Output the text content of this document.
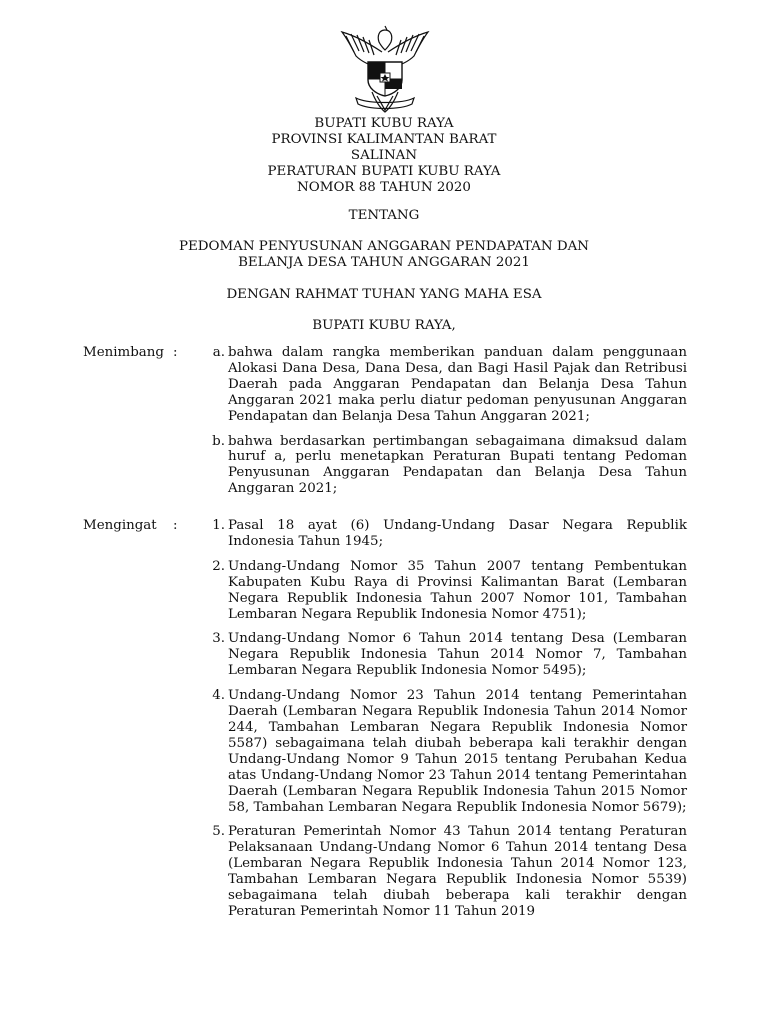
BUPATI KUBU RAYA
PROVINSI KALIMANTAN BARAT
SALINAN
PERATURAN BUPATI KUBU RAYA
NOMOR 88 TAHUN 2020
TENTANG
PEDOMAN PENYUSUNAN ANGGARAN PENDAPATAN DAN
BELANJA DESA TAHUN ANGGARAN 2021
DENGAN RAHMAT TUHAN YANG MAHA ESA
BUPATI KUBU RAYA,
Menimbang :	a. bahwa dalam rangka memberikan panduan dalam penggunaan Alokasi Dana Desa, Dana Desa, dan Bagi Hasil Pajak dan Retribusi Daerah pada Anggaran Pendapatan dan Belanja Desa Tahun Anggaran 2021 maka perlu diatur pedoman penyusunan Anggaran Pendapatan dan Belanja Desa Tahun Anggaran 2021;
b. bahwa berdasarkan pertimbangan sebagaimana dimaksud dalam huruf a, perlu menetapkan Peraturan Bupati tentang Pedoman Penyusunan Anggaran Pendapatan dan Belanja Desa Tahun Anggaran 2021;
Mengingat	:	1. Pasal 18 ayat (6) Undang-Undang Dasar Negara Republik Indonesia Tahun 1945;
2. Undang-Undang Nomor 35 Tahun 2007 tentang Pembentukan Kabupaten Kubu Raya di Provinsi Kalimantan Barat (Lembaran Negara Republik Indonesia Tahun 2007 Nomor 101, Tambahan Lembaran Negara Republik Indonesia Nomor 4751);
3. Undang-Undang Nomor 6 Tahun 2014 tentang Desa (Lembaran Negara Republik Indonesia Tahun 2014 Nomor 7, Tambahan Lembaran Negara Republik Indonesia Nomor 5495);
4. Undang-Undang Nomor 23 Tahun 2014 tentang Pemerintahan Daerah (Lembaran Negara Republik Indonesia Tahun 2014 Nomor 244, Tambahan Lembaran Negara Republik Indonesia Nomor 5587) sebagaimana telah diubah beberapa kali terakhir dengan Undang-Undang Nomor 9 Tahun 2015 tentang Perubahan Kedua atas Undang-Undang Nomor 23 Tahun 2014 tentang Pemerintahan Daerah (Lembaran Negara Republik Indonesia Tahun 2015 Nomor 58, Tambahan Lembaran Negara Republik Indonesia Nomor 5679);
5. Peraturan Pemerintah Nomor 43 Tahun 2014 tentang Peraturan Pelaksanaan Undang-Undang Nomor 6 Tahun 2014 tentang Desa (Lembaran Negara Republik Indonesia Tahun 2014 Nomor 123, Tambahan Lembaran Negara Republik Indonesia Nomor 5539) sebagaimana telah diubah beberapa kali terakhir dengan Peraturan Pemerintah Nomor 11 Tahun 2019
